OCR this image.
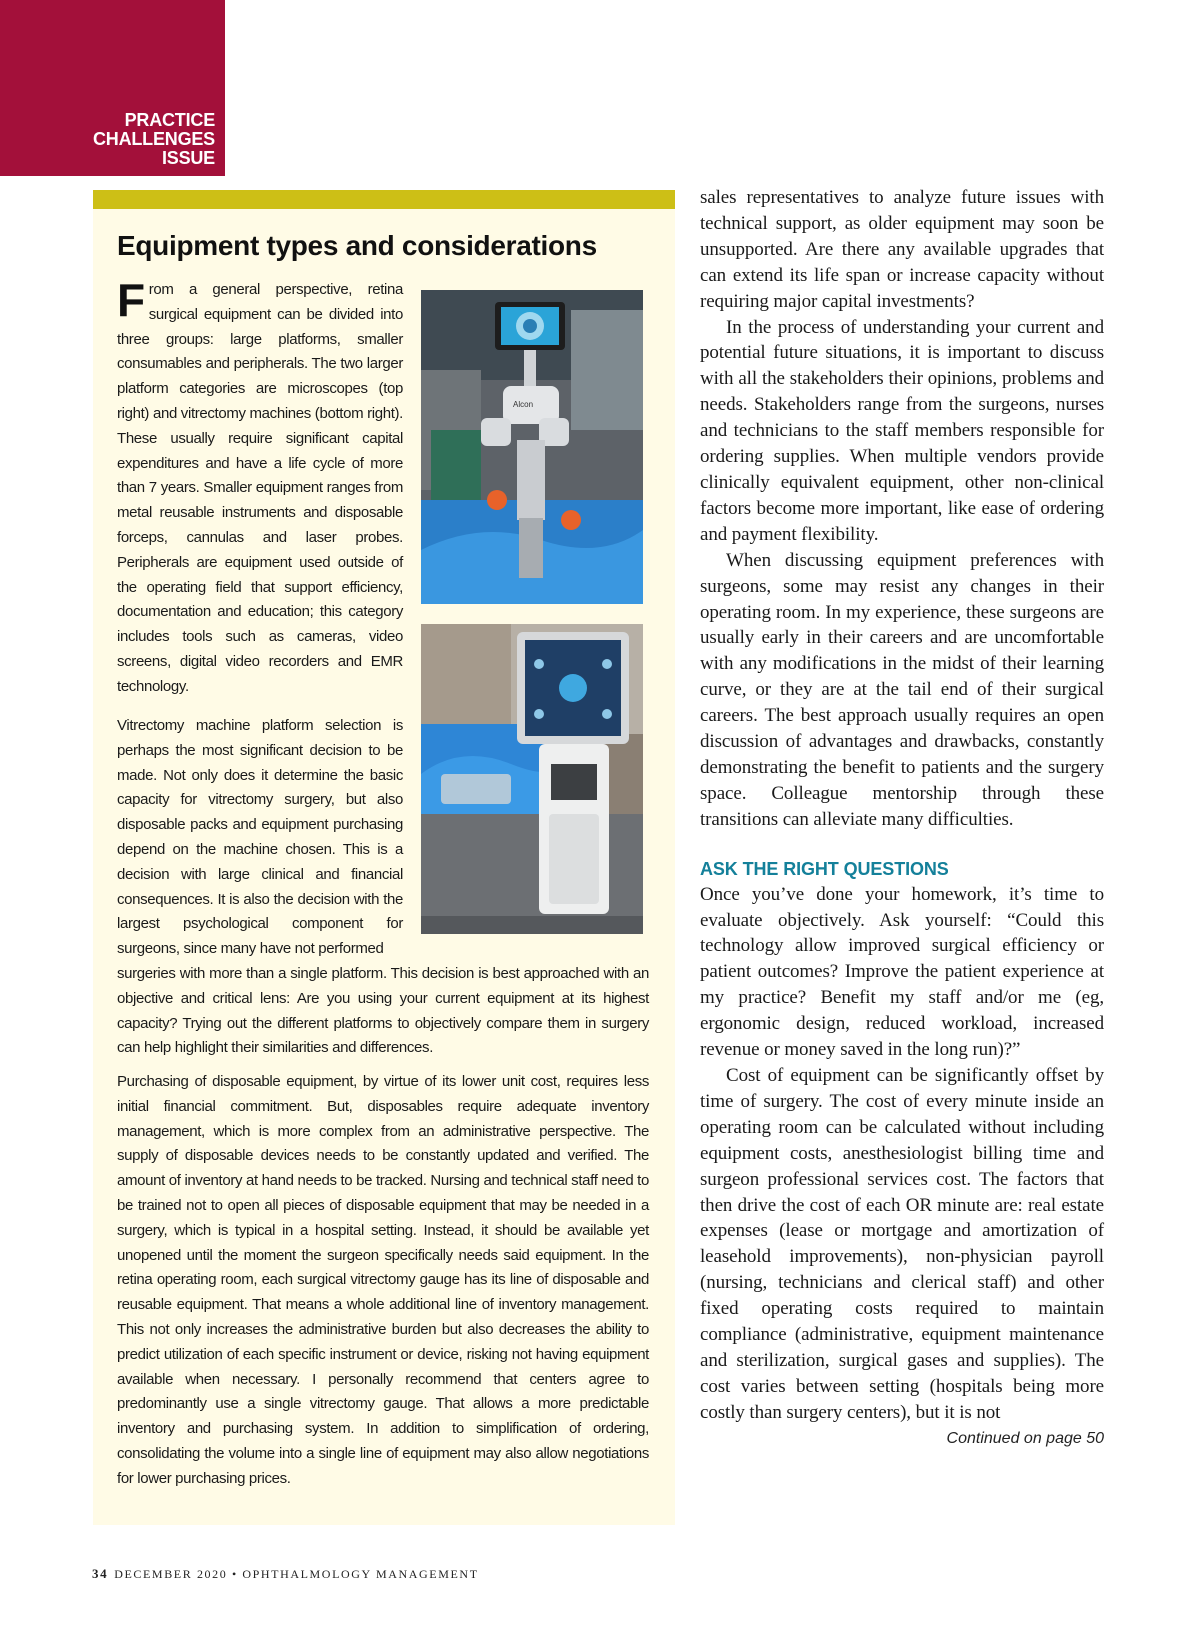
PRACTICE
CHALLENGES
ISSUE
Equipment types and considerations
From a general perspective, retina surgical equipment can be divided into three groups: large platforms, smaller consumables and peripherals. The two larger platform categories are microscopes (top right) and vitrectomy machines (bottom right). These usually require significant capital expenditures and have a life cycle of more than 7 years. Smaller equipment ranges from metal reusable instruments and disposable forceps, cannulas and laser probes. Peripherals are equipment used outside of the operating field that support efficiency, documentation and education; this category includes tools such as cameras, video screens, digital video recorders and EMR technology.
Vitrectomy machine platform selection is perhaps the most significant decision to be made. Not only does it determine the basic capacity for vitrectomy surgery, but also disposable packs and equipment purchasing depend on the machine chosen. This is a decision with large clinical and financial consequences. It is also the decision with the largest psychological component for surgeons, since many have not performed
surgeries with more than a single platform. This decision is best approached with an objective and critical lens: Are you using your current equipment at its highest capacity? Trying out the different platforms to objectively compare them in surgery can help highlight their similarities and differences.
Purchasing of disposable equipment, by virtue of its lower unit cost, requires less initial financial commitment. But, disposables require adequate inventory management, which is more complex from an administrative perspective. The supply of disposable devices needs to be constantly updated and verified. The amount of inventory at hand needs to be tracked. Nursing and technical staff need to be trained not to open all pieces of disposable equipment that may be needed in a surgery, which is typical in a hospital setting. Instead, it should be available yet unopened until the moment the surgeon specifically needs said equipment. In the retina operating room, each surgical vitrectomy gauge has its line of disposable and reusable equipment. That means a whole additional line of inventory management. This not only increases the administrative burden but also decreases the ability to predict utilization of each specific instrument or device, risking not having equipment available when necessary. I personally recommend that centers agree to predominantly use a single vitrectomy gauge. That allows a more predictable inventory and purchasing system. In addition to simplification of ordering, consolidating the volume into a single line of equipment may also allow negotiations for lower purchasing prices.
Alcon

sales representatives to analyze future issues with technical support, as older equipment may soon be unsupported. Are there any available upgrades that can extend its life span or increase capacity without requiring major capital investments?

In the process of understanding your current and potential future situations, it is important to discuss with all the stakeholders their opinions, problems and needs. Stakeholders range from the surgeons, nurses and technicians to the staff members responsible for ordering supplies. When multiple vendors provide clinically equivalent equipment, other non-clinical factors become more important, like ease of ordering and payment flexibility.

When discussing equipment preferences with surgeons, some may resist any changes in their operating room. In my experience, these surgeons are usually early in their careers and are uncomfortable with any modifications in the midst of their learning curve, or they are at the tail end of their surgical careers. The best approach usually requires an open discussion of advantages and drawbacks, constantly demonstrating the benefit to patients and the surgery space. Colleague mentorship through these transitions can alleviate many difficulties.

ASK THE RIGHT QUESTIONS

Once you’ve done your homework, it’s time to evaluate objectively. Ask yourself: “Could this technology allow improved surgical efficiency or patient outcomes? Improve the patient experience at my practice? Benefit my staff and/or me (eg, ergonomic design, reduced workload, increased revenue or money saved in the long run)?”

Cost of equipment can be significantly offset by time of surgery. The cost of every minute inside an operating room can be calculated without including equipment costs, anesthesiologist billing time and surgeon professional services cost. The factors that then drive the cost of each OR minute are: real estate expenses (lease or mortgage and amortization of leasehold improvements), non-physician payroll (nursing, technicians and clerical staff) and other fixed operating costs required to maintain compliance (administrative, equipment maintenance and sterilization, surgical gases and supplies). The cost varies between setting (hospitals being more costly than surgery centers), but it is not

Continued on page 50
34 DECEMBER 2020 • OPHTHALMOLOGY MANAGEMENT
